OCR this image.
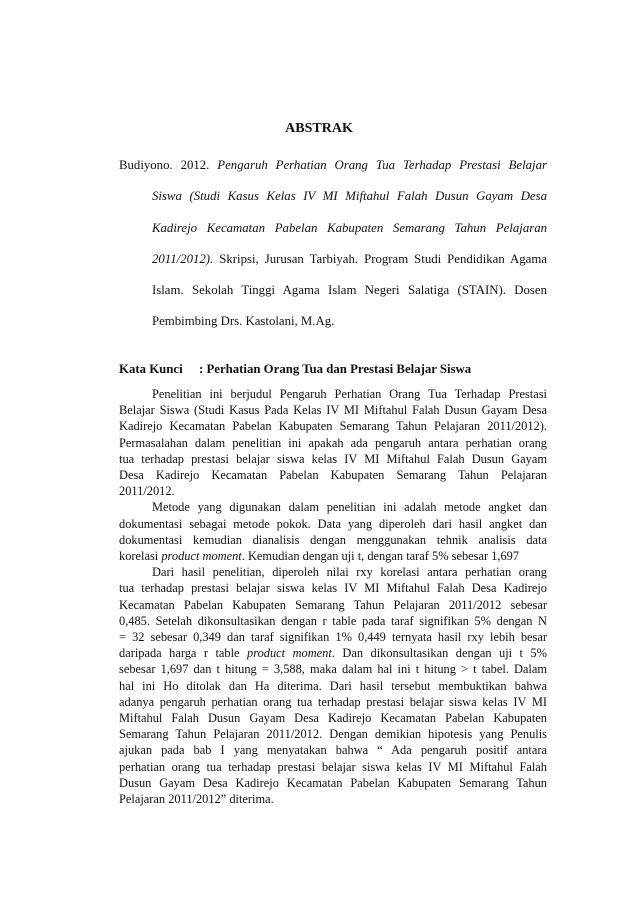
ABSTRAK
Budiyono. 2012. Pengaruh Perhatian Orang Tua Terhadap Prestasi Belajar
Siswa (Studi Kasus Kelas IV MI Miftahul Falah Dusun Gayam Desa
Kadirejo Kecamatan Pabelan Kabupaten Semarang Tahun Pelajaran
2011/2012). Skripsi, Jurusan Tarbiyah. Program Studi Pendidikan Agama
Islam. Sekolah Tinggi Agama Islam Negeri Salatiga (STAIN). Dosen
Pembimbing Drs. Kastolani, M.Ag.
Kata Kunci : Perhatian Orang Tua dan Prestasi Belajar Siswa

Penelitian ini berjudul Pengaruh Perhatian Orang Tua Terhadap Prestasi
Belajar Siswa (Studi Kasus Pada Kelas IV MI Miftahul Falah Dusun Gayam Desa
Kadirejo Kecamatan Pabelan Kabupaten Semarang Tahun Pelajaran 2011/2012).
Permasalahan dalam penelitian ini apakah ada pengaruh antara perhatian orang
tua terhadap prestasi belajar siswa kelas IV MI Miftahul Falah Dusun Gayam
Desa Kadirejo Kecamatan Pabelan Kabupaten Semarang Tahun Pelajaran
2011/2012.

Metode yang digunakan dalam penelitian ini adalah metode angket dan
dokumentasi sebagai metode pokok. Data yang diperoleh dari hasil angket dan
dokumentasi kemudian dianalisis dengan menggunakan tehnik analisis data
korelasi product moment. Kemudian dengan uji t, dengan taraf 5% sebesar 1,697

Dari hasil penelitian, diperoleh nilai rxy korelasi antara perhatian orang
tua terhadap prestasi belajar siswa kelas IV MI Miftahul Falah Desa Kadirejo
Kecamatan Pabelan Kabupaten Semarang Tahun Pelajaran 2011/2012 sebesar
0,485. Setelah dikonsultasikan dengan r table pada taraf signifikan 5% dengan N
= 32 sebesar 0,349 dan taraf signifikan 1% 0,449 ternyata hasil rxy lebih besar
daripada harga r table product moment. Dan dikonsultasikan dengan uji t 5%
sebesar 1,697 dan t hitung = 3,588, maka dalam hal ini t hitung > t tabel. Dalam
hal ini Ho ditolak dan Ha diterima. Dari hasil tersebut membuktikan bahwa
adanya pengaruh perhatian orang tua terhadap prestasi belajar siswa kelas IV MI
Miftahul Falah Dusun Gayam Desa Kadirejo Kecamatan Pabelan Kabupaten
Semarang Tahun Pelajaran 2011/2012. Dengan demikian hipotesis yang Penulis
ajukan pada bab I yang menyatakan bahwa “ Ada pengaruh positif antara
perhatian orang tua terhadap prestasi belajar siswa kelas IV MI Miftahul Falah
Dusun Gayam Desa Kadirejo Kecamatan Pabelan Kabupaten Semarang Tahun
Pelajaran 2011/2012” diterima.
